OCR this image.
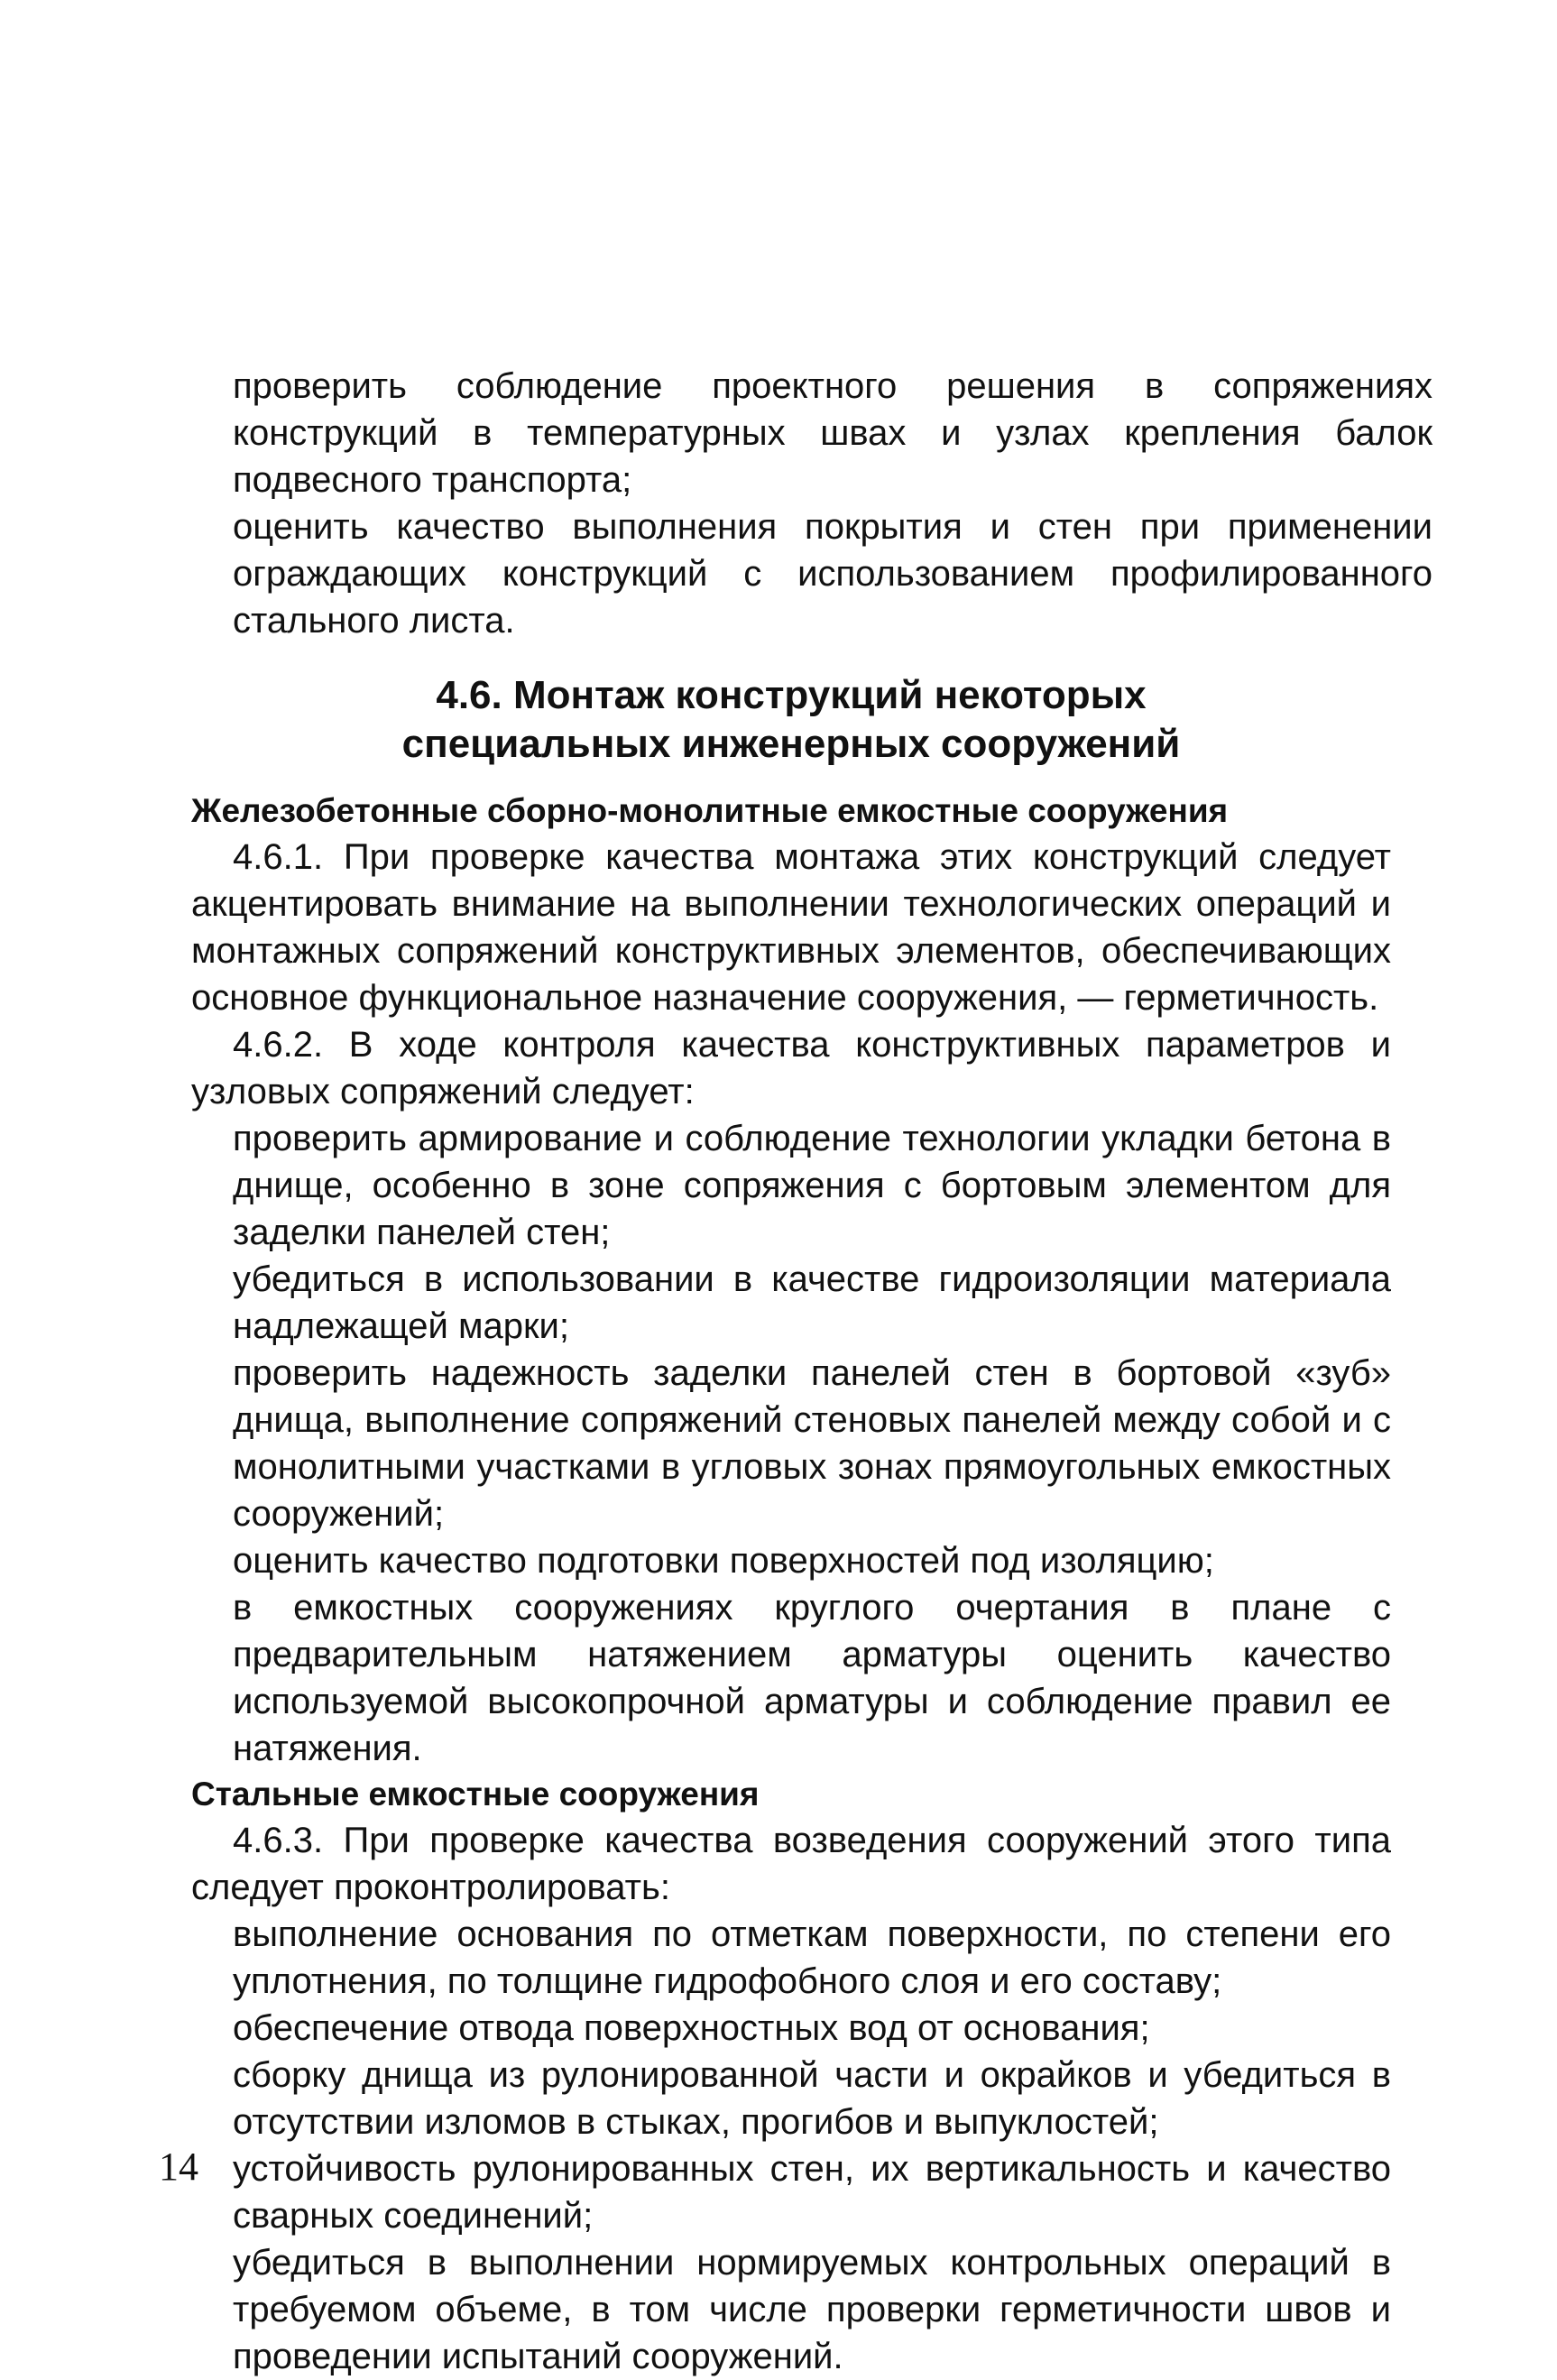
проверить соблюдение проектного решения в сопряжениях конструкций в температурных швах и узлах крепления балок подвесного транспорта;

оценить качество выполнения покрытия и стен при применении ограждающих конструкций с использованием профилированного стального листа.

4.6. Монтаж конструкций некоторых
специальных инженерных сооружений

Железобетонные сборно-монолитные емкостные сооружения

4.6.1. При проверке качества монтажа этих конструкций следует акцентировать внимание на выполнении технологических операций и монтажных сопряжений конструктивных элементов, обеспечивающих основное функциональное назначение сооружения, — герметичность.

4.6.2. В ходе контроля качества конструктивных параметров и узловых сопряжений следует:

проверить армирование и соблюдение технологии укладки бетона в днище, особенно в зоне сопряжения с бортовым элементом для заделки панелей стен;

убедиться в использовании в качестве гидроизоляции материала надлежащей марки;

проверить надежность заделки панелей стен в бортовой «зуб» днища, выполнение сопряжений стеновых панелей между собой и с монолитными участками в угловых зонах прямоугольных емкостных сооружений;

оценить качество подготовки поверхностей под изоляцию;

в емкостных сооружениях круглого очертания в плане с предварительным натяжением арматуры оценить качество используемой высокопрочной арматуры и соблюдение правил ее натяжения.

Стальные емкостные сооружения

4.6.3. При проверке качества возведения сооружений этого типа следует проконтролировать:

выполнение основания по отметкам поверхности, по степени его уплотнения, по толщине гидрофобного слоя и его составу;

обеспечение отвода поверхностных вод от основания;

сборку днища из рулонированной части и окрайков и убедиться в отсутствии изломов в стыках, прогибов и выпуклостей;

устойчивость рулонированных стен, их вертикальность и качество сварных соединений;

убедиться в выполнении нормируемых контрольных операций в требуемом объеме, в том числе проверки герметичности швов и проведении испытаний сооружений.

14
